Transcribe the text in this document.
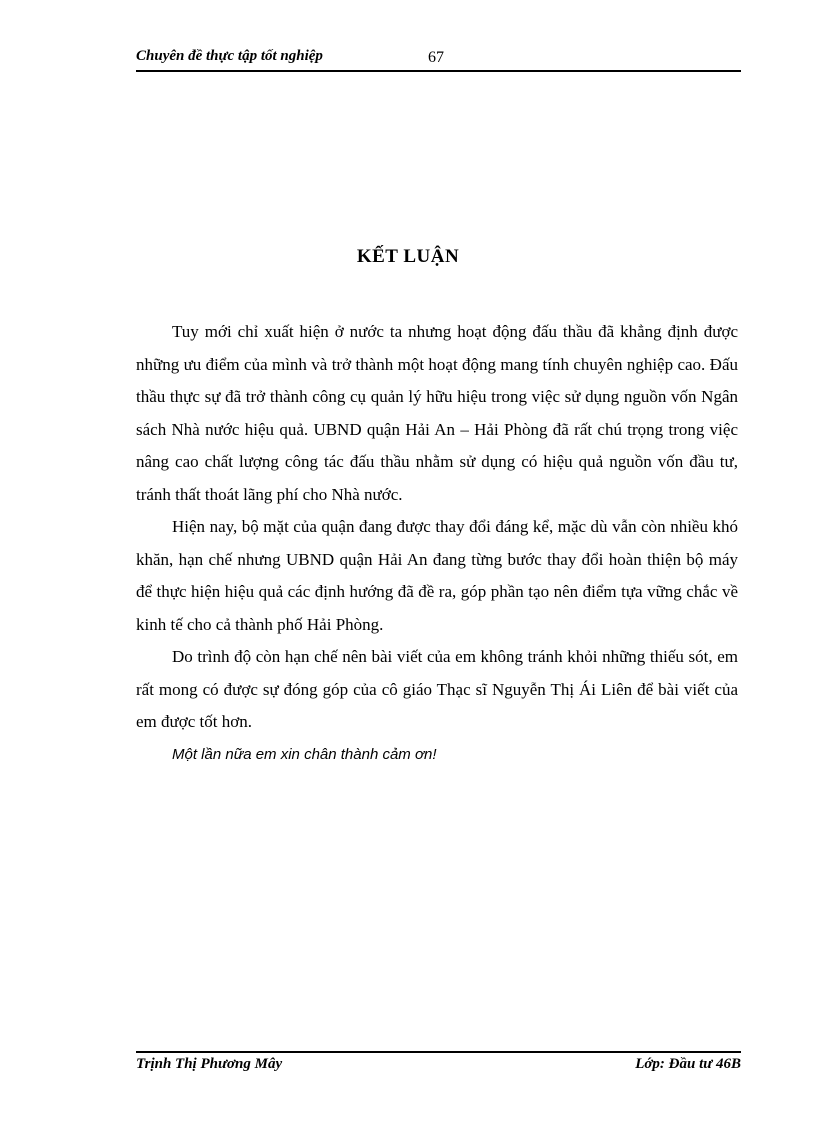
Chuyên đề thực tập tốt nghiệp	67
KẾT LUẬN

Tuy mới chỉ xuất hiện ở nước ta nhưng hoạt động đấu thầu đã khẳng định được những ưu điểm của mình và trở thành một hoạt động mang tính chuyên nghiệp cao. Đấu thầu thực sự đã trở thành công cụ quản lý hữu hiệu trong việc sử dụng nguồn vốn Ngân sách Nhà nước hiệu quả. UBND quận Hải An – Hải Phòng đã rất chú trọng trong việc nâng cao chất lượng công tác đấu thầu nhằm sử dụng có hiệu quả nguồn vốn đầu tư, tránh thất thoát lãng phí cho Nhà nước.

Hiện nay, bộ mặt của quận đang được thay đổi đáng kể, mặc dù vẫn còn nhiều khó khăn, hạn chế nhưng UBND quận Hải An đang từng bước thay đổi hoàn thiện bộ máy để thực hiện hiệu quả các định hướng đã đề ra, góp phần tạo nên điểm tựa vững chắc về kinh tế cho cả thành phố Hải Phòng.

Do trình độ còn hạn chế nên bài viết của em không tránh khỏi những thiếu sót, em rất mong có được sự đóng góp của cô giáo Thạc sĩ Nguyễn Thị Ái Liên để bài viết của em được tốt hơn.

Một lần nữa em xin chân thành cảm ơn!

Trịnh Thị Phương Mây	Lớp: Đầu tư 46B
